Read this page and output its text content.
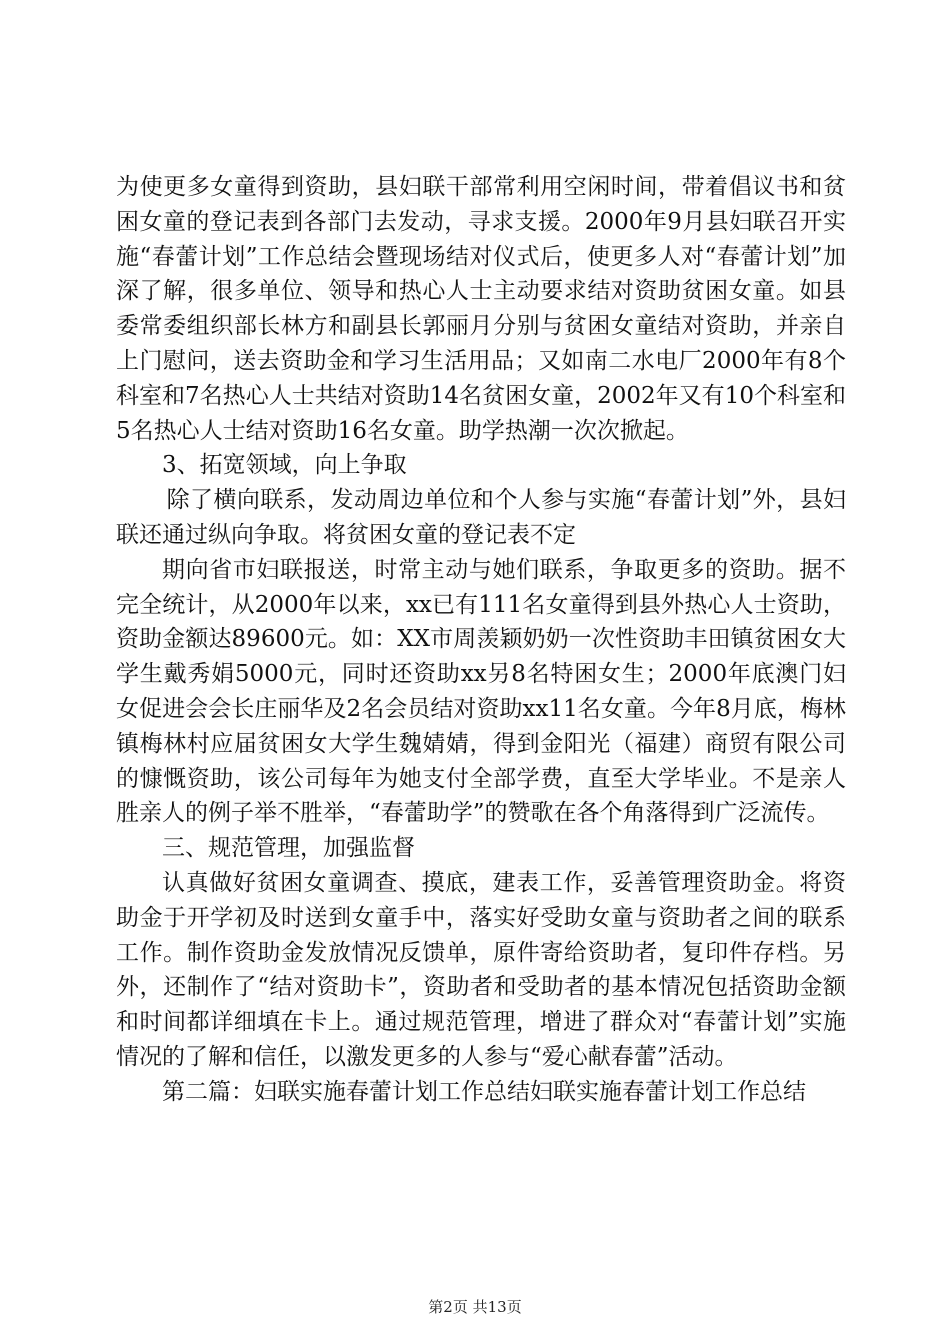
为使更多女童得到资助，县妇联干部常利用空闲时间，带着倡议书和贫困女童的登记表到各部门去发动，寻求支援。2000年9月县妇联召开实施“春蕾计划”工作总结会暨现场结对仪式后，使更多人对“春蕾计划”加深了解，很多单位、领导和热心人士主动要求结对资助贫困女童。如县委常委组织部长林方和副县长郭丽月分别与贫困女童结对资助，并亲自上门慰问，送去资助金和学习生活用品；又如南二水电厂2000年有8个科室和7名热心人士共结对资助14名贫困女童，2002年又有10个科室和5名热心人士结对资助16名女童。助学热潮一次次掀起。

3、拓宽领域，向上争取

除了横向联系，发动周边单位和个人参与实施“春蕾计划”外，县妇联还通过纵向争取。将贫困女童的登记表不定

期向省市妇联报送，时常主动与她们联系，争取更多的资助。据不完全统计，从2000年以来，xx已有111名女童得到县外热心人士资助，资助金额达89600元。如：XX市周羡颖奶奶一次性资助丰田镇贫困女大学生戴秀娟5000元，同时还资助xx另8名特困女生；2000年底澳门妇女促进会会长庄丽华及2名会员结对资助xx11名女童。今年8月底，梅林镇梅林村应届贫困女大学生魏婧婧，得到金阳光（福建）商贸有限公司的慷慨资助，该公司每年为她支付全部学费，直至大学毕业。不是亲人胜亲人的例子举不胜举，“春蕾助学”的赞歌在各个角落得到广泛流传。

三、规范管理，加强监督

认真做好贫困女童调查、摸底，建表工作，妥善管理资助金。将资助金于开学初及时送到女童手中，落实好受助女童与资助者之间的联系工作。制作资助金发放情况反馈单，原件寄给资助者，复印件存档。另外，还制作了“结对资助卡”，资助者和受助者的基本情况包括资助金额和时间都详细填在卡上。通过规范管理，增进了群众对“春蕾计划”实施情况的了解和信任，以激发更多的人参与“爱心献春蕾”活动。

第二篇：妇联实施春蕾计划工作总结妇联实施春蕾计划工作总结

第2页 共13页
